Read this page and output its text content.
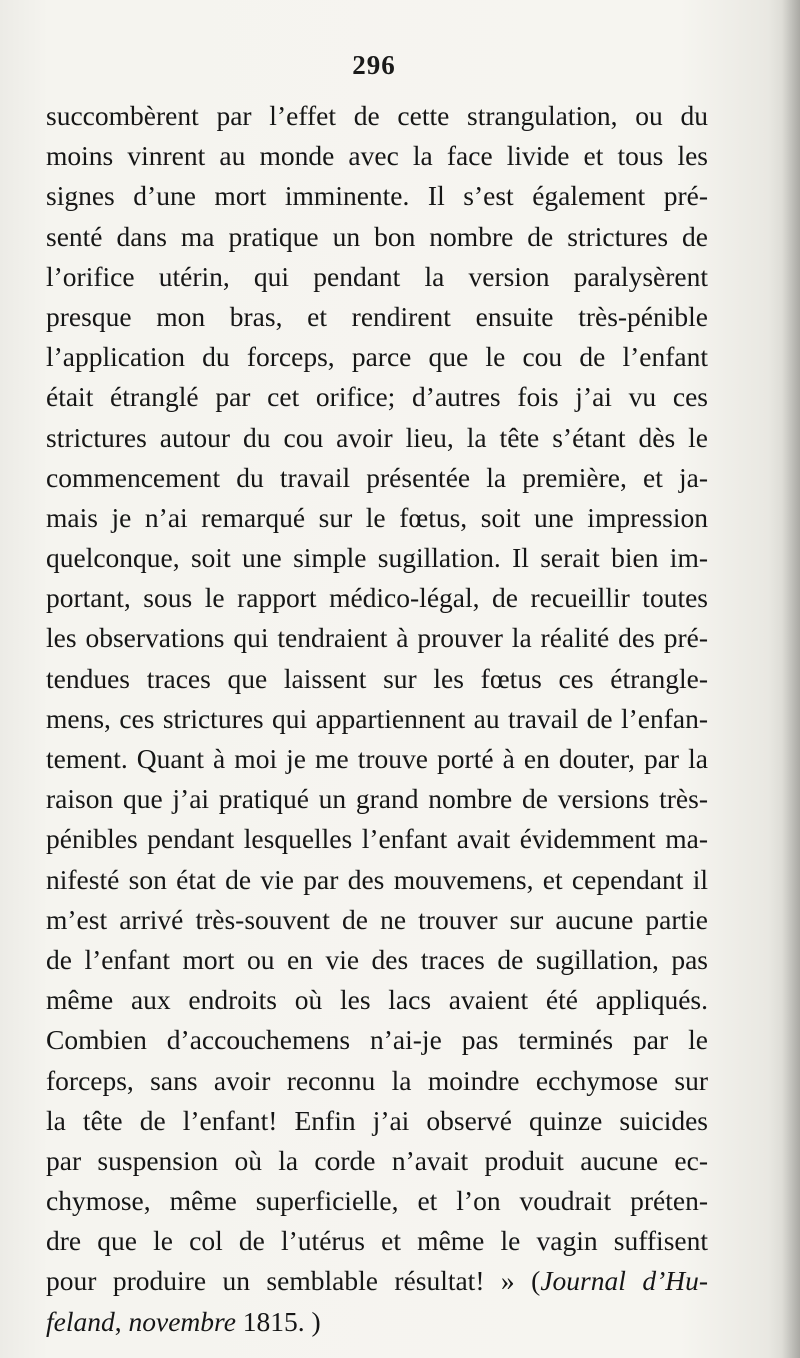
296
succombèrent par l’effet de cette strangulation, ou du
moins vinrent au monde avec la face livide et tous les
signes d’une mort imminente. Il s’est également pré-
senté dans ma pratique un bon nombre de strictures de
l’orifice utérin, qui pendant la version paralysèrent
presque mon bras, et rendirent ensuite très-pénible
l’application du forceps, parce que le cou de l’enfant
était étranglé par cet orifice; d’autres fois j’ai vu ces
strictures autour du cou avoir lieu, la tête s’étant dès le
commencement du travail présentée la première, et ja-
mais je n’ai remarqué sur le fœtus, soit une impression
quelconque, soit une simple sugillation. Il serait bien im-
portant, sous le rapport médico-légal, de recueillir toutes
les observations qui tendraient à prouver la réalité des pré-
tendues traces que laissent sur les fœtus ces étrangle-
mens, ces strictures qui appartiennent au travail de l’enfan-
tement. Quant à moi je me trouve porté à en douter, par la
raison que j’ai pratiqué un grand nombre de versions très-
pénibles pendant lesquelles l’enfant avait évidemment ma-
nifesté son état de vie par des mouvemens, et cependant il
m’est arrivé très-souvent de ne trouver sur aucune partie
de l’enfant mort ou en vie des traces de sugillation, pas
même aux endroits où les lacs avaient été appliqués.
Combien d’accouchemens n’ai-je pas terminés par le
forceps, sans avoir reconnu la moindre ecchymose sur
la tête de l’enfant! Enfin j’ai observé quinze suicides
par suspension où la corde n’avait produit aucune ec-
chymose, même superficielle, et l’on voudrait préten-
dre que le col de l’utérus et même le vagin suffisent
pour produire un semblable résultat! » (Journal d’Hu-
feland, novembre 1815. )
